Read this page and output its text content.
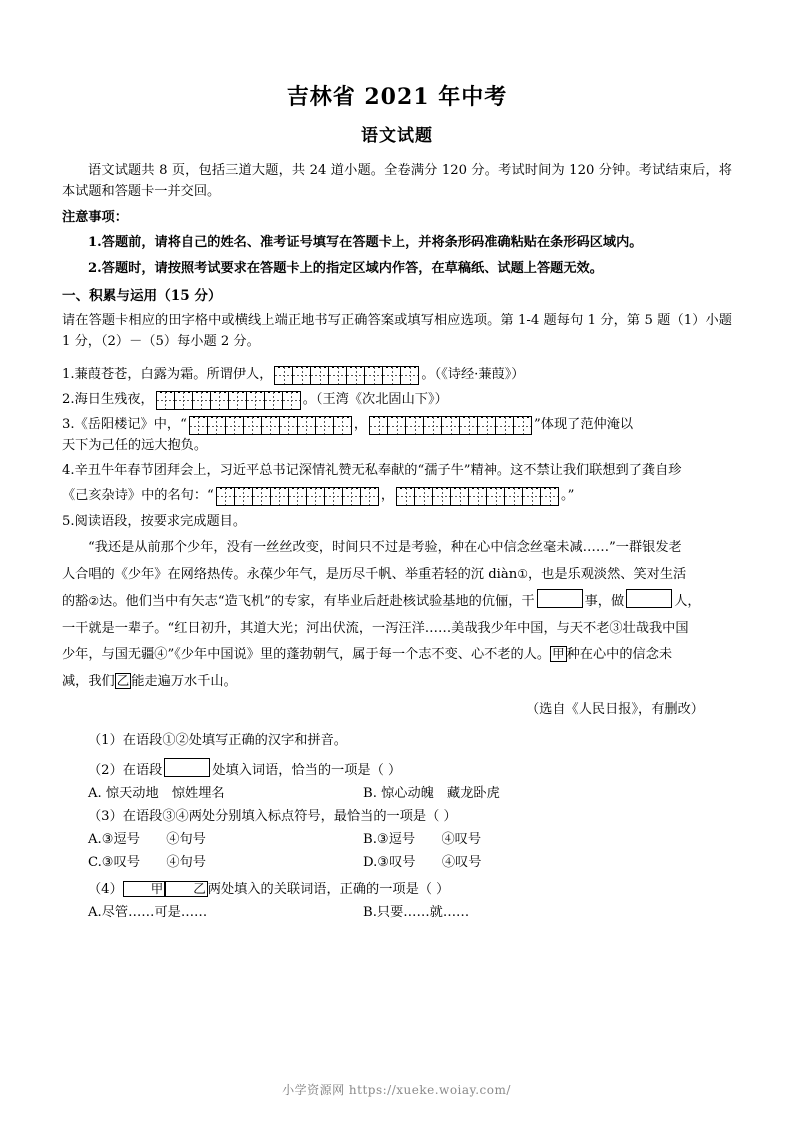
吉林省 2021 年中考
语文试题

语文试题共 8 页，包括三道大题，共 24 道小题。全卷满分 120 分。考试时间为 120 分钟。考试结束后，将本试题和答题卡一并交回。

注意事项：

1.答题前，请将自己的姓名、准考证号填写在答题卡上，并将条形码准确粘贴在条形码区域内。

2.答题时，请按照考试要求在答题卡上的指定区域内作答，在草稿纸、试题上答题无效。

一、积累与运用（15 分）

请在答题卡相应的田字格中或横线上端正地书写正确答案或填写相应选项。第 1-4 题每句 1 分，第 5 题（1）小题 1 分，（2）－（5）每小题 2 分。

1.蒹葭苍苍，白露为霜。所谓伊人，	。（《诗经·蒹葭》）
2.海日生残夜，	。（王湾《次北固山下》）
3.《岳阳楼记》中，“	，	”体现了范仲淹以

天下为己任的远大抱负。

4.辛丑牛年春节团拜会上，习近平总书记深情礼赞无私奉献的“孺子牛”精神。这不禁让我们联想到了龚自珍

《己亥杂诗》中的名句：“	，	。”

5.阅读语段，按要求完成题目。

“我还是从前那个少年，没有一丝丝改变，时间只不过是考验，种在心中信念丝毫未减……”一群银发老

人合唱的《少年》在网络热传。永葆少年气，是历尽千帆、举重若轻的沉 diàn①，也是乐观淡然、笑对生活

的豁②达。他们当中有矢志“造飞机”的专家，有毕业后赶赴核试验基地的伉俪，干	事，做	人，

一干就是一辈子。“红日初升，其道大光；河出伏流，一泻汪洋……美哉我少年中国，与天不老③壮哉我中国

少年，与国无疆④”《少年中国说》里的蓬勃朝气，属于每一个志不变、心不老的人。 甲 种在心中的信念未

减，我们 乙 能走遍万水千山。

（选自《人民日报》，有删改）

（1）在语段①②处填写正确的汉字和拼音。

（2）在语段	处填入词语，恰当的一项是（ ）
A. 惊天动地　惊姓埋名	B. 惊心动魄　藏龙卧虎

（3）在语段③④两处分别填入标点符号，最恰当的一项是（ ）

A.③逗号　　④句号	B.③逗号　　④叹号
C.③叹号　　④句号	D.③叹号　　④叹号
（4） 甲 乙 两处填入的关联词语，正确的一项是（ ）
A.尽管……可是……	B.只要……就……
小学资源网 https://xueke.woiay.com/
